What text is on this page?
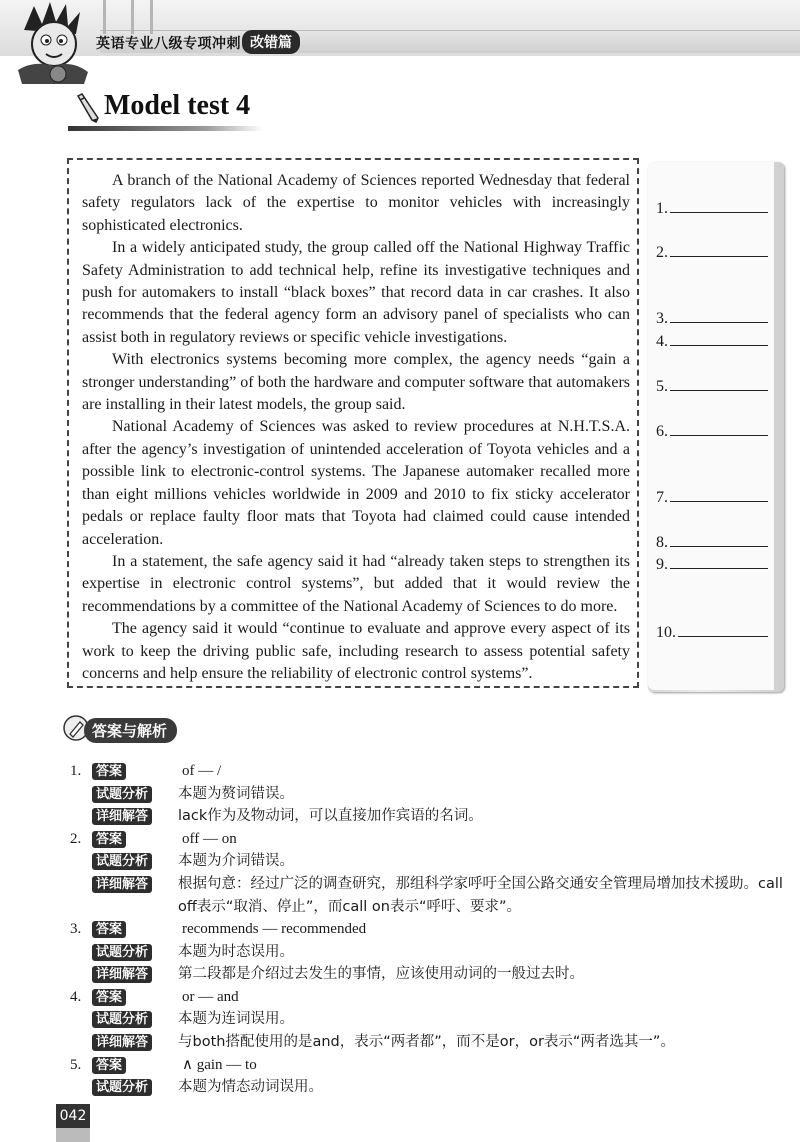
英语专业八级专项冲刺 改错篇
Model test 4

A branch of the National Academy of Sciences reported Wednesday that federal safety regulators lack of the expertise to monitor vehicles with increasingly sophisticated electronics.

In a widely anticipated study, the group called off the National Highway Traffic Safety Administration to add technical help, refine its investigative techniques and push for automakers to install “black boxes” that record data in car crashes. It also recommends that the federal agency form an advisory panel of specialists who can assist both in regulatory reviews or specific vehicle investigations.

With electronics systems becoming more complex, the agency needs “gain a stronger understanding” of both the hardware and computer software that automakers are installing in their latest models, the group said.

National Academy of Sciences was asked to review procedures at N.H.T.S.A. after the agency’s investigation of unintended acceleration of Toyota vehicles and a possible link to electronic-control systems. The Japanese automaker recalled more than eight millions vehicles worldwide in 2009 and 2010 to fix sticky accelerator pedals or replace faulty floor mats that Toyota had claimed could cause intended acceleration.

In a statement, the safe agency said it had “already taken steps to strengthen its expertise in electronic control systems”, but added that it would review the recommendations by a committee of the National Academy of Sciences to do more.

The agency said it would “continue to evaluate and approve every aspect of its work to keep the driving public safe, including research to assess potential safety concerns and help ensure the reliability of electronic control systems”.

1.
2.
3.
4.
5.
6.
7.
8.
9.
10.
答案与解析
1.	答案	of — /
试题分析 本题为赘词错误。
详细解答 lack作为及物动词，可以直接加作宾语的名词。
2.	答案	off — on
试题分析 本题为介词错误。
详细解答 根据句意：经过广泛的调查研究，那组科学家呼吁全国公路交通安全管理局增加技术援助。call off表示“取消、停止”，而call on表示“呼吁、要求”。
3.	答案	recommends — recommended
试题分析 本题为时态误用。
详细解答 第二段都是介绍过去发生的事情，应该使用动词的一般过去时。
4.	答案	or — and
试题分析 本题为连词误用。
详细解答 与both搭配使用的是and，表示“两者都”，而不是or，or表示“两者选其一”。
5.	答案	∧ gain — to
试题分析 本题为情态动词误用。
042
